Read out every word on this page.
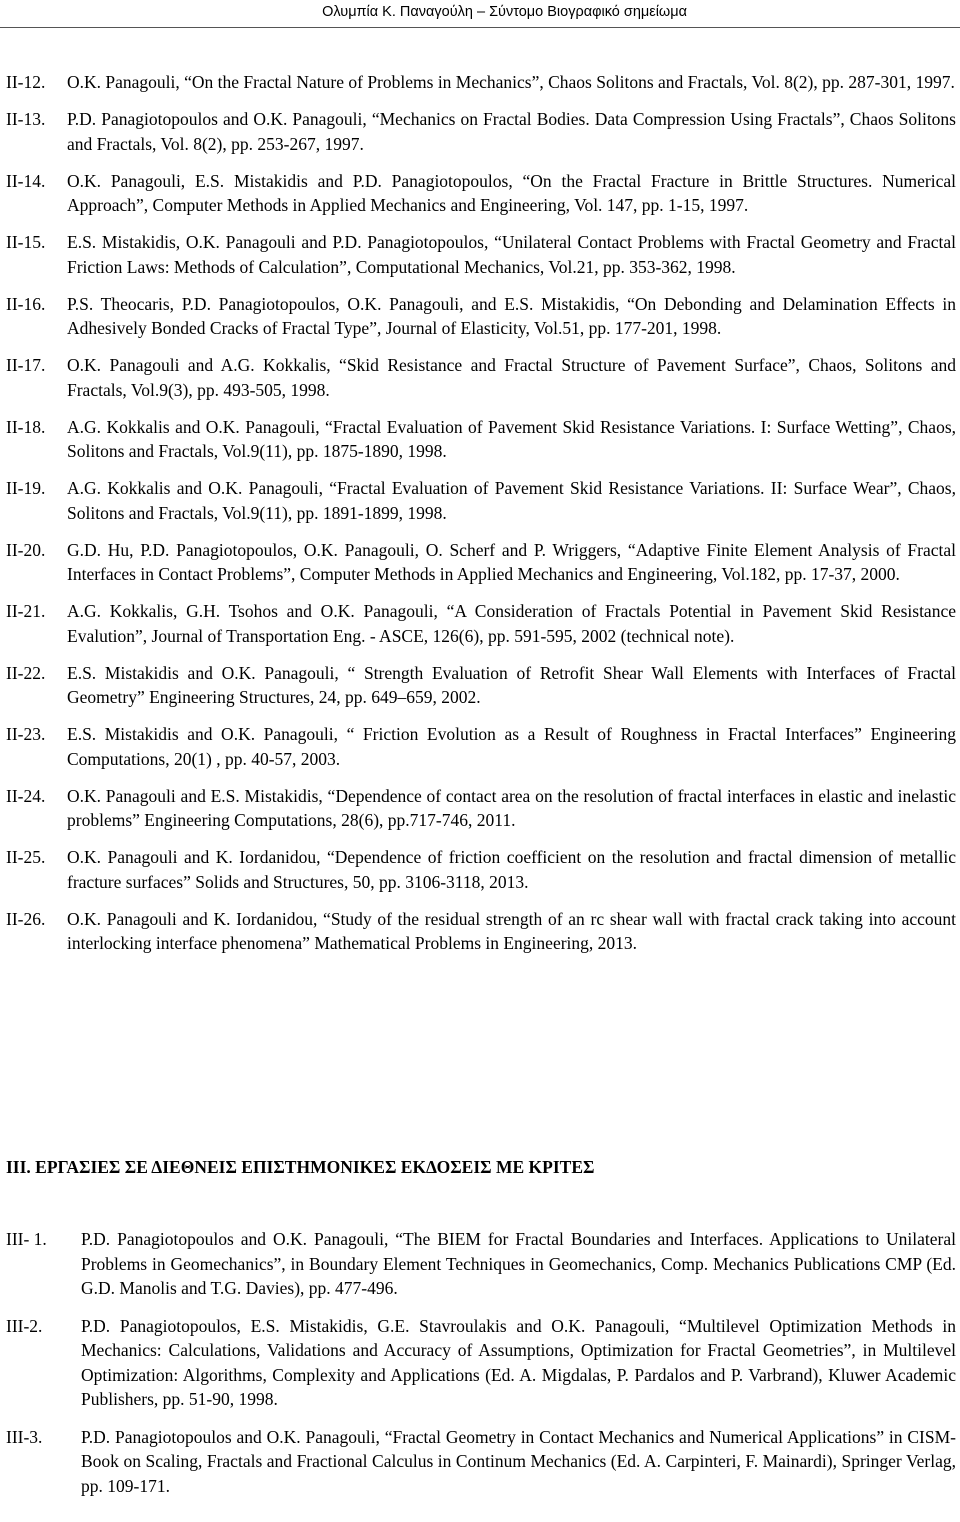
Ολυμπία Κ. Παναγούλη – Σύντομο Βιογραφικό σημείωμα
II-12.	O.K. Panagouli, “On the Fractal Nature of Problems in Mechanics”, Chaos Solitons and Fractals, Vol. 8(2), pp. 287-301, 1997.
II-13.	P.D. Panagiotopoulos and O.K. Panagouli, “Mechanics on Fractal Bodies. Data Compression Using Fractals”, Chaos Solitons and Fractals, Vol. 8(2), pp. 253-267, 1997.
II-14.	O.K. Panagouli, E.S. Mistakidis and P.D. Panagiotopoulos, “On the Fractal Fracture in Brittle Structures. Numerical Approach”, Computer Methods in Applied Mechanics and Engineering, Vol. 147, pp. 1-15, 1997.
II-15.	E.S. Mistakidis, O.K. Panagouli and P.D. Panagiotopoulos, “Unilateral Contact Problems with Fractal Geometry and Fractal Friction Laws: Methods of Calculation”, Computational Mechanics, Vol.21, pp. 353-362, 1998.
II-16.	P.S. Theocaris, P.D. Panagiotopoulos, O.K. Panagouli, and E.S. Mistakidis, “On Debonding and Delamination Effects in Adhesively Bonded Cracks of Fractal Type”, Journal of Elasticity, Vol.51, pp. 177-201, 1998.
II-17.	O.K. Panagouli and A.G. Kokkalis, “Skid Resistance and Fractal Structure of Pavement Surface”, Chaos, Solitons and Fractals, Vol.9(3), pp. 493-505, 1998.
II-18.	A.G. Kokkalis and O.K. Panagouli, “Fractal Evaluation of Pavement Skid Resistance Variations. I: Surface Wetting”, Chaos, Solitons and Fractals, Vol.9(11), pp. 1875-1890, 1998.
II-19.	A.G. Kokkalis and O.K. Panagouli, “Fractal Evaluation of Pavement Skid Resistance Variations. II: Surface Wear”, Chaos, Solitons and Fractals, Vol.9(11), pp. 1891-1899, 1998.
II-20.	G.D. Hu, P.D. Panagiotopoulos, O.K. Panagouli, O. Scherf and P. Wriggers, “Adaptive Finite Element Analysis of Fractal Interfaces in Contact Problems”, Computer Methods in Applied Mechanics and Engineering, Vol.182, pp. 17-37, 2000.
II-21.	A.G. Kokkalis, G.H. Tsohos and O.K. Panagouli, “A Consideration of Fractals Potential in Pavement Skid Resistance Evalution”, Journal of Transportation Eng. - ASCE, 126(6), pp. 591-595, 2002 (technical note).
II-22.	E.S. Mistakidis and O.K. Panagouli, “ Strength Evaluation of Retrofit Shear Wall Elements with Interfaces of Fractal Geometry” Engineering Structures, 24, pp. 649–659, 2002.
II-23.	E.S. Mistakidis and O.K. Panagouli, “ Friction Evolution as a Result of Roughness in Fractal Interfaces” Engineering Computations, 20(1) , pp. 40-57, 2003.
II-24.	O.K. Panagouli and E.S. Mistakidis, “Dependence of contact area on the resolution of fractal interfaces in elastic and inelastic problems” Engineering Computations, 28(6), pp.717-746, 2011.
II-25.	O.K. Panagouli and K. Iordanidou, “Dependence of friction coefficient on the resolution and fractal dimension of metallic fracture surfaces” Solids and Structures, 50, pp. 3106-3118, 2013.
II-26.	O.K. Panagouli and K. Iordanidou, “Study of the residual strength of an rc shear wall with fractal crack taking into account interlocking interface phenomena” Mathematical Problems in Engineering, 2013.
III. ΕΡΓΑΣΙΕΣ ΣΕ ΔΙΕΘΝΕΙΣ ΕΠΙΣΤΗΜΟΝΙΚΕΣ ΕΚΔΟΣΕΙΣ ΜΕ ΚΡΙΤΕΣ
III- 1.	P.D. Panagiotopoulos and O.K. Panagouli, “The BIEM for Fractal Boundaries and Interfaces. Applications to Unilateral Problems in Geomechanics”, in Boundary Element Techniques in Geomechanics, Comp. Mechanics Publications CMP (Ed. G.D. Manolis and T.G. Davies), pp. 477-496.
III-2.	P.D. Panagiotopoulos, E.S. Mistakidis, G.E. Stavroulakis and O.K. Panagouli, “Multilevel Optimization Methods in Mechanics: Calculations, Validations and Accuracy of Assumptions, Optimization for Fractal Geometries”, in Multilevel Optimization: Algorithms, Complexity and Applications (Ed. A. Migdalas, P. Pardalos and P. Varbrand), Kluwer Academic Publishers, pp. 51-90, 1998.
III-3.	P.D. Panagiotopoulos and O.K. Panagouli, “Fractal Geometry in Contact Mechanics and Numerical Applications” in CISM-Book on Scaling, Fractals and Fractional Calculus in Continum Mechanics (Ed. A. Carpinteri, F. Mainardi), Springer Verlag, pp. 109-171.
